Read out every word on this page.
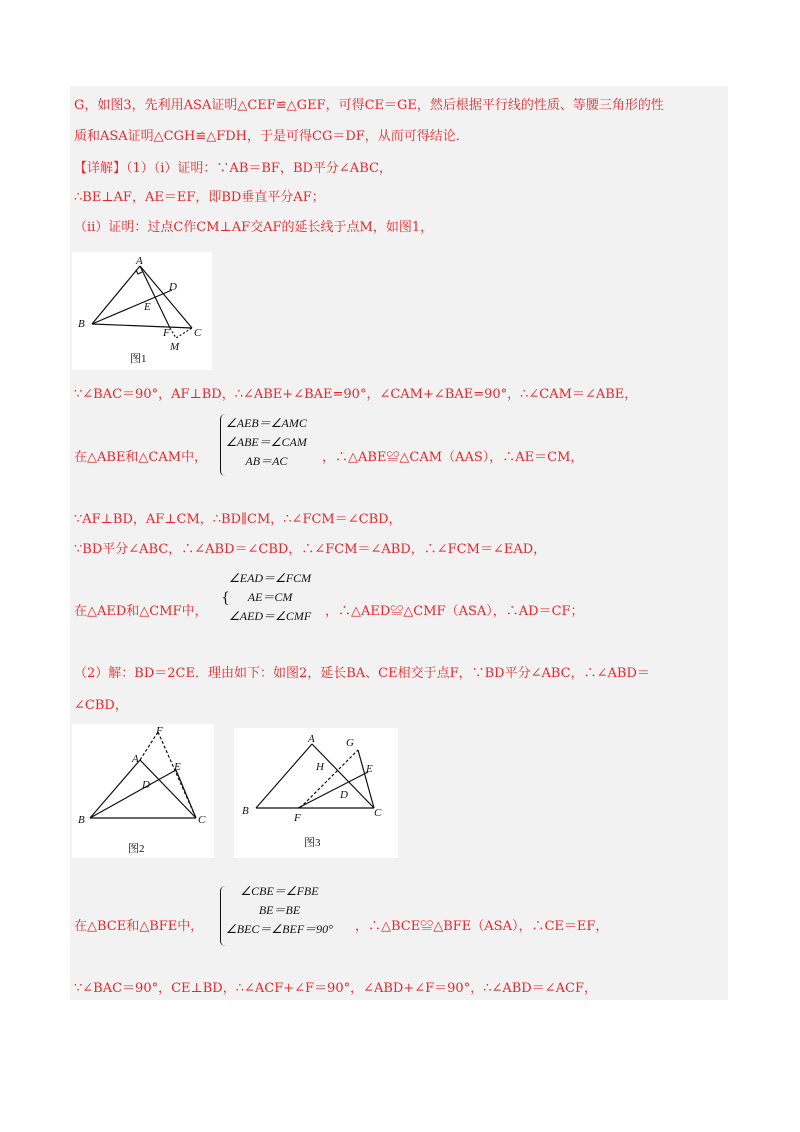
G，如图3，先利用ASA证明△CEF≌△GEF，可得CE＝GE，然后根据平行线的性质、等腰三角形的性
质和ASA证明△CGH≌△FDH，于是可得CG＝DF，从而可得结论．
【详解】（1）（ⅰ）证明：∵AB＝BF，BD平分∠ABC，
∴BE⊥AF，AE＝EF，即BD垂直平分AF；
（ⅱ）证明：过点C作CM⊥AF交AF的延长线于点M，如图1，
A
B
C
D
E
F
M
图1
∵∠BAC＝90°，AF⊥BD，∴∠ABE+∠BAE=90°，∠CAM+∠BAE=90°，∴∠CAM＝∠ABE，
在△ABE和△CAM中，
∠AEB＝∠AMC
∠ABE＝∠CAM
AB＝AC	，∴△ABE≌△CAM（AAS），∴AE＝CM，
∵AF⊥BD，AF⊥CM，∴BD∥CM，∴∠FCM＝∠CBD，
∵BD平分∠ABC，∴∠ABD＝∠CBD，∴∠FCM＝∠ABD，∴∠FCM＝∠EAD，
在△AED和△CMF中，
{
∠EAD＝∠FCM
AE＝CM
∠AED＝∠CMF ，∴△AED≌△CMF（ASA），∴AD＝CF；
（2）解：BD＝2CE．理由如下：如图2，延长BA、CE相交于点F，∵BD平分∠ABC，∴∠ABD＝
∠CBD，
F
A
E
D
B	C
图2
A	G
H	E
D
B
F	C
图3
在△BCE和△BFE中，
∠CBE＝∠FBE
BE＝BE
∠BEC＝∠BEF＝90° ，∴△BCE≌△BFE（ASA），∴CE＝EF，
∵∠BAC＝90°，CE⊥BD，∴∠ACF+∠F＝90°，∠ABD+∠F＝90°，∴∠ABD＝∠ACF，
